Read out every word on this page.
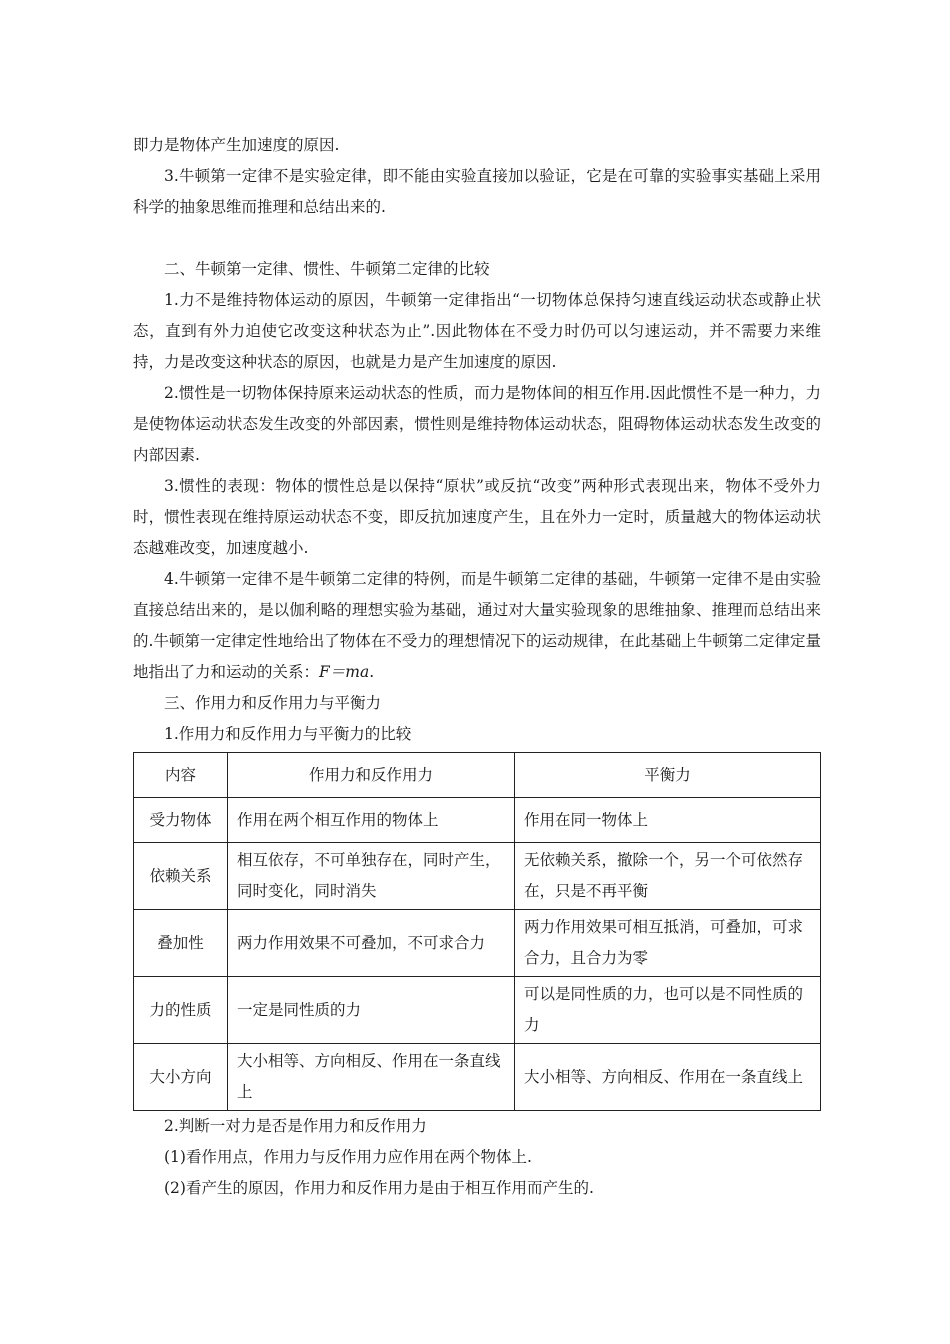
即力是物体产生加速度的原因.

3.牛顿第一定律不是实验定律，即不能由实验直接加以验证，它是在可靠的实验事实基础上采用科学的抽象思维而推理和总结出来的.

二、牛顿第一定律、惯性、牛顿第二定律的比较

1.力不是维持物体运动的原因，牛顿第一定律指出“一切物体总保持匀速直线运动状态或静止状态，直到有外力迫使它改变这种状态为止”.因此物体在不受力时仍可以匀速运动，并不需要力来维持，力是改变这种状态的原因，也就是力是产生加速度的原因.

2.惯性是一切物体保持原来运动状态的性质，而力是物体间的相互作用.因此惯性不是一种力，力是使物体运动状态发生改变的外部因素，惯性则是维持物体运动状态，阻碍物体运动状态发生改变的内部因素.

3.惯性的表现：物体的惯性总是以保持“原状”或反抗“改变”两种形式表现出来，物体不受外力时，惯性表现在维持原运动状态不变，即反抗加速度产生，且在外力一定时，质量越大的物体运动状态越难改变，加速度越小.

4.牛顿第一定律不是牛顿第二定律的特例，而是牛顿第二定律的基础，牛顿第一定律不是由实验直接总结出来的，是以伽利略的理想实验为基础，通过对大量实验现象的思维抽象、推理而总结出来的.牛顿第一定律定性地给出了物体在不受力的理想情况下的运动规律，在此基础上牛顿第二定律定量地指出了力和运动的关系：F＝ma.

三、作用力和反作用力与平衡力

1.作用力和反作用力与平衡力的比较

内容	作用力和反作用力	平衡力
受力物体	作用在两个相互作用的物体上	作用在同一物体上
依赖关系	相互依存，不可单独存在，同时产生，同时变化，同时消失	无依赖关系，撤除一个，另一个可依然存在，只是不再平衡
叠加性	两力作用效果不可叠加，不可求合力	两力作用效果可相互抵消，可叠加，可求合力，且合力为零
力的性质	一定是同性质的力	可以是同性质的力，也可以是不同性质的力
大小方向	大小相等、方向相反、作用在一条直线上	大小相等、方向相反、作用在一条直线上

2.判断一对力是否是作用力和反作用力

(1)看作用点，作用力与反作用力应作用在两个物体上.

(2)看产生的原因，作用力和反作用力是由于相互作用而产生的.
